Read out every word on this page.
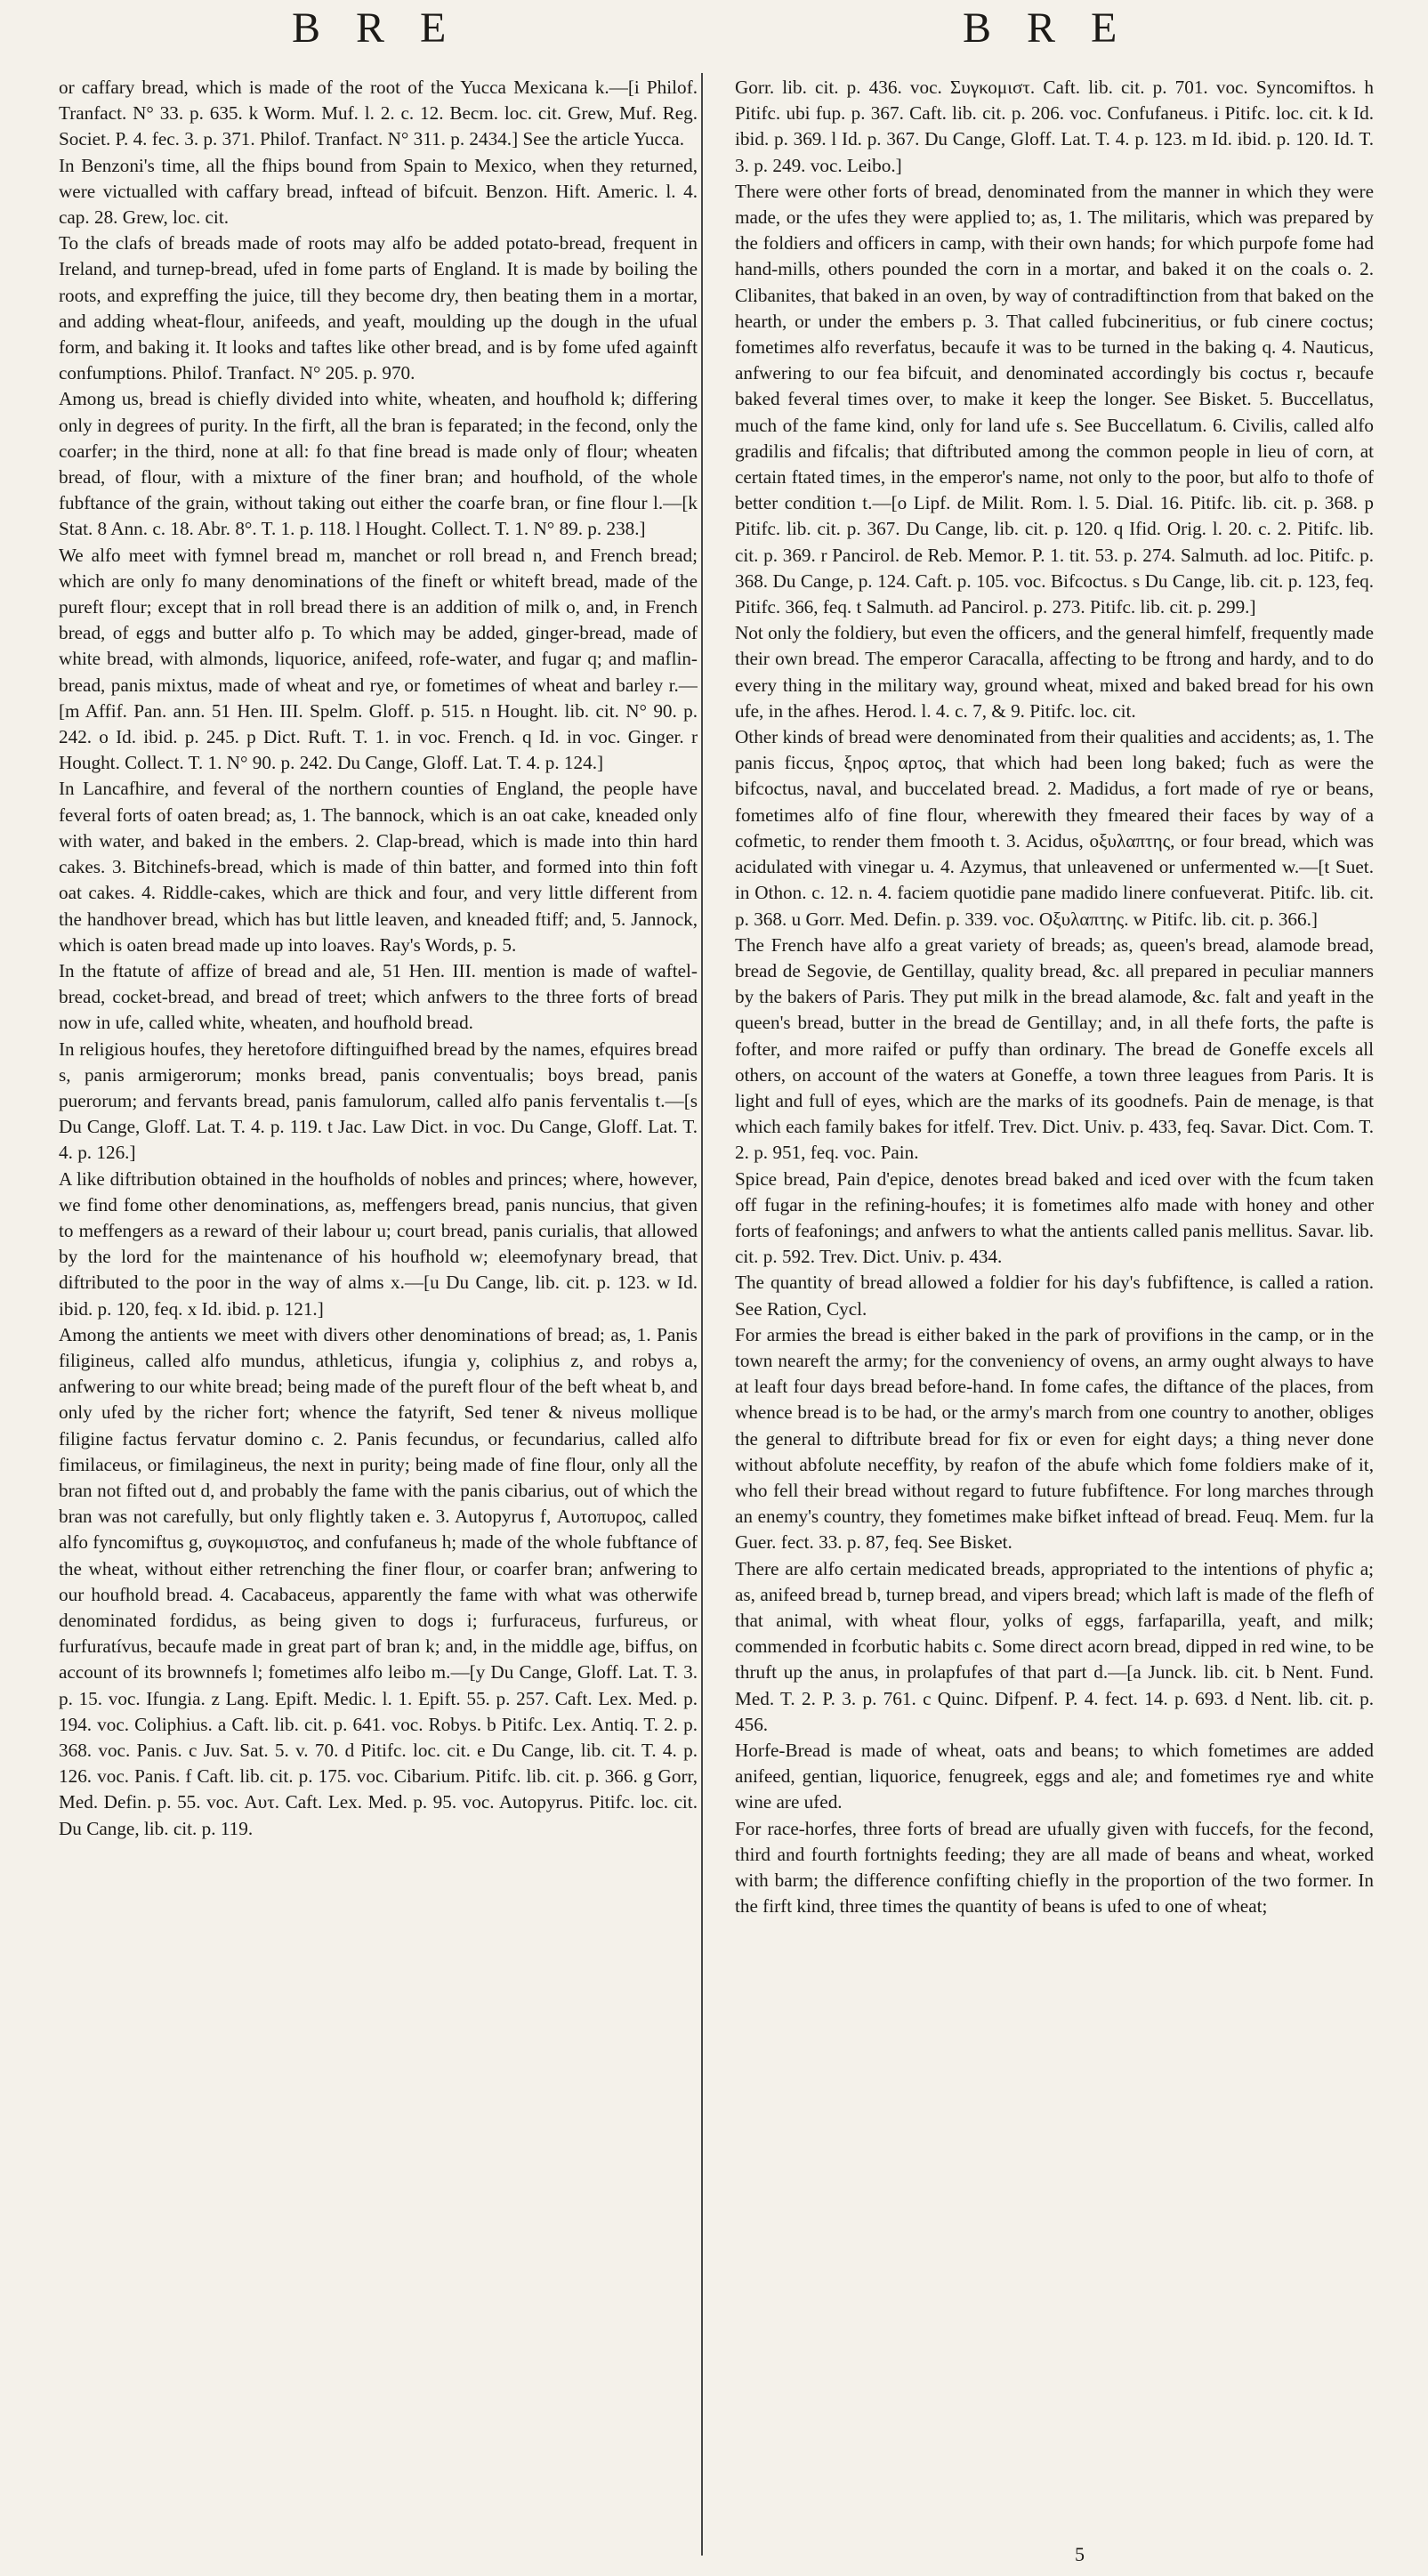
B R E	B R E

or caffary bread, which is made of the root of the Yucca Mexicana k.—[i Philof. Tranfact. N° 33. p. 635. k Worm. Muf. l. 2. c. 12. Becm. loc. cit. Grew, Muf. Reg. Societ. P. 4. fec. 3. p. 371. Philof. Tranfact. N° 311. p. 2434.] See the article Yucca.

In Benzoni's time, all the fhips bound from Spain to Mexico, when they returned, were victualled with caffary bread, inftead of bifcuit. Benzon. Hift. Americ. l. 4. cap. 28. Grew, loc. cit.

To the clafs of breads made of roots may alfo be added potato-bread, frequent in Ireland, and turnep-bread, ufed in fome parts of England. It is made by boiling the roots, and expreffing the juice, till they become dry, then beating them in a mortar, and adding wheat-flour, anifeeds, and yeaft, moulding up the dough in the ufual form, and baking it. It looks and taftes like other bread, and is by fome ufed againft confumptions. Philof. Tranfact. N° 205. p. 970.

Among us, bread is chiefly divided into white, wheaten, and houfhold k; differing only in degrees of purity. In the firft, all the bran is feparated; in the fecond, only the coarfer; in the third, none at all: fo that fine bread is made only of flour; wheaten bread, of flour, with a mixture of the finer bran; and houfhold, of the whole fubftance of the grain, without taking out either the coarfe bran, or fine flour l.—[k Stat. 8 Ann. c. 18. Abr. 8°. T. 1. p. 118. l Hought. Collect. T. 1. N° 89. p. 238.]

We alfo meet with fymnel bread m, manchet or roll bread n, and French bread; which are only fo many denominations of the fineft or whiteft bread, made of the pureft flour; except that in roll bread there is an addition of milk o, and, in French bread, of eggs and butter alfo p. To which may be added, ginger-bread, made of white bread, with almonds, liquorice, anifeed, rofe-water, and fugar q; and maflin-bread, panis mixtus, made of wheat and rye, or fometimes of wheat and barley r.—[m Affif. Pan. ann. 51 Hen. III. Spelm. Gloff. p. 515. n Hought. lib. cit. N° 90. p. 242. o Id. ibid. p. 245. p Dict. Ruft. T. 1. in voc. French. q Id. in voc. Ginger. r Hought. Collect. T. 1. N° 90. p. 242. Du Cange, Gloff. Lat. T. 4. p. 124.]

In Lancafhire, and feveral of the northern counties of England, the people have feveral forts of oaten bread; as, 1. The bannock, which is an oat cake, kneaded only with water, and baked in the embers. 2. Clap-bread, which is made into thin hard cakes. 3. Bitchinefs-bread, which is made of thin batter, and formed into thin foft oat cakes. 4. Riddle-cakes, which are thick and four, and very little different from the handhover bread, which has but little leaven, and kneaded ftiff; and, 5. Jannock, which is oaten bread made up into loaves. Ray's Words, p. 5.

In the ftatute of affize of bread and ale, 51 Hen. III. mention is made of waftel-bread, cocket-bread, and bread of treet; which anfwers to the three forts of bread now in ufe, called white, wheaten, and houfhold bread.

In religious houfes, they heretofore diftinguifhed bread by the names, efquires bread s, panis armigerorum; monks bread, panis conventualis; boys bread, panis puerorum; and fervants bread, panis famulorum, called alfo panis ferventalis t.—[s Du Cange, Gloff. Lat. T. 4. p. 119. t Jac. Law Dict. in voc. Du Cange, Gloff. Lat. T. 4. p. 126.]

A like diftribution obtained in the houfholds of nobles and princes; where, however, we find fome other denominations, as, meffengers bread, panis nuncius, that given to meffengers as a reward of their labour u; court bread, panis curialis, that allowed by the lord for the maintenance of his houfhold w; eleemofynary bread, that diftributed to the poor in the way of alms x.—[u Du Cange, lib. cit. p. 123. w Id. ibid. p. 120, feq. x Id. ibid. p. 121.]

Among the antients we meet with divers other denominations of bread; as, 1. Panis filigineus, called alfo mundus, athleticus, ifungia y, coliphius z, and robys a, anfwering to our white bread; being made of the pureft flour of the beft wheat b, and only ufed by the richer fort; whence the fatyrift, Sed tener & niveus mollique filigine factus fervatur domino c. 2. Panis fecundus, or fecundarius, called alfo fimilaceus, or fimilagineus, the next in purity; being made of fine flour, only all the bran not fifted out d, and probably the fame with the panis cibarius, out of which the bran was not carefully, but only flightly taken e. 3. Autopyrus f, Αυτοπυρος, called alfo fyncomiftus g, συγκομιστος, and confufaneus h; made of the whole fubftance of the wheat, without either retrenching the finer flour, or coarfer bran; anfwering to our houfhold bread. 4. Cacabaceus, apparently the fame with what was otherwife denominated fordidus, as being given to dogs i; furfuraceus, furfureus, or furfuratívus, becaufe made in great part of bran k; and, in the middle age, biffus, on account of its brownnefs l; fometimes alfo leibo m.—[y Du Cange, Gloff. Lat. T. 3. p. 15. voc. Ifungia. z Lang. Epift. Medic. l. 1. Epift. 55. p. 257. Caft. Lex. Med. p. 194. voc. Coliphius. a Caft. lib. cit. p. 641. voc. Robys. b Pitifc. Lex. Antiq. T. 2. p. 368. voc. Panis. c Juv. Sat. 5. v. 70. d Pitifc. loc. cit. e Du Cange, lib. cit. T. 4. p. 126. voc. Panis. f Caft. lib. cit. p. 175. voc. Cibarium. Pitifc. lib. cit. p. 366. g Gorr, Med. Defin. p. 55. voc. Αυτ. Caft. Lex. Med. p. 95. voc. Autopyrus. Pitifc. loc. cit. Du Cange, lib. cit. p. 119.

Gorr. lib. cit. p. 436. voc. Συγκομιστ. Caft. lib. cit. p. 701. voc. Syncomiftos. h Pitifc. ubi fup. p. 367. Caft. lib. cit. p. 206. voc. Confufaneus. i Pitifc. loc. cit. k Id. ibid. p. 369. l Id. p. 367. Du Cange, Gloff. Lat. T. 4. p. 123. m Id. ibid. p. 120. Id. T. 3. p. 249. voc. Leibo.]

There were other forts of bread, denominated from the manner in which they were made, or the ufes they were applied to; as, 1. The militaris, which was prepared by the foldiers and officers in camp, with their own hands; for which purpofe fome had hand-mills, others pounded the corn in a mortar, and baked it on the coals o. 2. Clibanites, that baked in an oven, by way of contradiftinction from that baked on the hearth, or under the embers p. 3. That called fubcineritius, or fub cinere coctus; fometimes alfo reverfatus, becaufe it was to be turned in the baking q. 4. Nauticus, anfwering to our fea bifcuit, and denominated accordingly bis coctus r, becaufe baked feveral times over, to make it keep the longer. See Bisket. 5. Buccellatus, much of the fame kind, only for land ufe s. See Buccellatum. 6. Civilis, called alfo gradilis and fifcalis; that diftributed among the common people in lieu of corn, at certain ftated times, in the emperor's name, not only to the poor, but alfo to thofe of better condition t.—[o Lipf. de Milit. Rom. l. 5. Dial. 16. Pitifc. lib. cit. p. 368. p Pitifc. lib. cit. p. 367. Du Cange, lib. cit. p. 120. q Ifid. Orig. l. 20. c. 2. Pitifc. lib. cit. p. 369. r Pancirol. de Reb. Memor. P. 1. tit. 53. p. 274. Salmuth. ad loc. Pitifc. p. 368. Du Cange, p. 124. Caft. p. 105. voc. Bifcoctus. s Du Cange, lib. cit. p. 123, feq. Pitifc. 366, feq. t Salmuth. ad Pancirol. p. 273. Pitifc. lib. cit. p. 299.]

Not only the foldiery, but even the officers, and the general himfelf, frequently made their own bread. The emperor Caracalla, affecting to be ftrong and hardy, and to do every thing in the military way, ground wheat, mixed and baked bread for his own ufe, in the afhes. Herod. l. 4. c. 7, & 9. Pitifc. loc. cit.

Other kinds of bread were denominated from their qualities and accidents; as, 1. The panis ficcus, ξηρος αρτος, that which had been long baked; fuch as were the bifcoctus, naval, and buccelated bread. 2. Madidus, a fort made of rye or beans, fometimes alfo of fine flour, wherewith they fmeared their faces by way of a cofmetic, to render them fmooth t. 3. Acidus, οξυλαπτης, or four bread, which was acidulated with vinegar u. 4. Azymus, that unleavened or unfermented w.—[t Suet. in Othon. c. 12. n. 4. faciem quotidie pane madido linere confueverat. Pitifc. lib. cit. p. 368. u Gorr. Med. Defin. p. 339. voc. Οξυλαπτης. w Pitifc. lib. cit. p. 366.]

The French have alfo a great variety of breads; as, queen's bread, alamode bread, bread de Segovie, de Gentillay, quality bread, &c. all prepared in peculiar manners by the bakers of Paris. They put milk in the bread alamode, &c. falt and yeaft in the queen's bread, butter in the bread de Gentillay; and, in all thefe forts, the pafte is fofter, and more raifed or puffy than ordinary. The bread de Goneffe excels all others, on account of the waters at Goneffe, a town three leagues from Paris. It is light and full of eyes, which are the marks of its goodnefs. Pain de menage, is that which each family bakes for itfelf. Trev. Dict. Univ. p. 433, feq. Savar. Dict. Com. T. 2. p. 951, feq. voc. Pain.

Spice bread, Pain d'epice, denotes bread baked and iced over with the fcum taken off fugar in the refining-houfes; it is fometimes alfo made with honey and other forts of feafonings; and anfwers to what the antients called panis mellitus. Savar. lib. cit. p. 592. Trev. Dict. Univ. p. 434.

The quantity of bread allowed a foldier for his day's fubfiftence, is called a ration. See Ration, Cycl.

For armies the bread is either baked in the park of provifions in the camp, or in the town neareft the army; for the conveniency of ovens, an army ought always to have at leaft four days bread before-hand. In fome cafes, the diftance of the places, from whence bread is to be had, or the army's march from one country to another, obliges the general to diftribute bread for fix or even for eight days; a thing never done without abfolute neceffity, by reafon of the abufe which fome foldiers make of it, who fell their bread without regard to future fubfiftence. For long marches through an enemy's country, they fometimes make bifket inftead of bread. Feuq. Mem. fur la Guer. fect. 33. p. 87, feq. See Bisket.

There are alfo certain medicated breads, appropriated to the intentions of phyfic a; as, anifeed bread b, turnep bread, and vipers bread; which laft is made of the flefh of that animal, with wheat flour, yolks of eggs, farfaparilla, yeaft, and milk; commended in fcorbutic habits c. Some direct acorn bread, dipped in red wine, to be thruft up the anus, in prolapfufes of that part d.—[a Junck. lib. cit. b Nent. Fund. Med. T. 2. P. 3. p. 761. c Quinc. Difpenf. P. 4. fect. 14. p. 693. d Nent. lib. cit. p. 456.

Horfe-Bread is made of wheat, oats and beans; to which fometimes are added anifeed, gentian, liquorice, fenugreek, eggs and ale; and fometimes rye and white wine are ufed.

For race-horfes, three forts of bread are ufually given with fuccefs, for the fecond, third and fourth fortnights feeding; they are all made of beans and wheat, worked with barm; the difference confifting chiefly in the proportion of the two former. In the firft kind, three times the quantity of beans is ufed to one of wheat;

5
